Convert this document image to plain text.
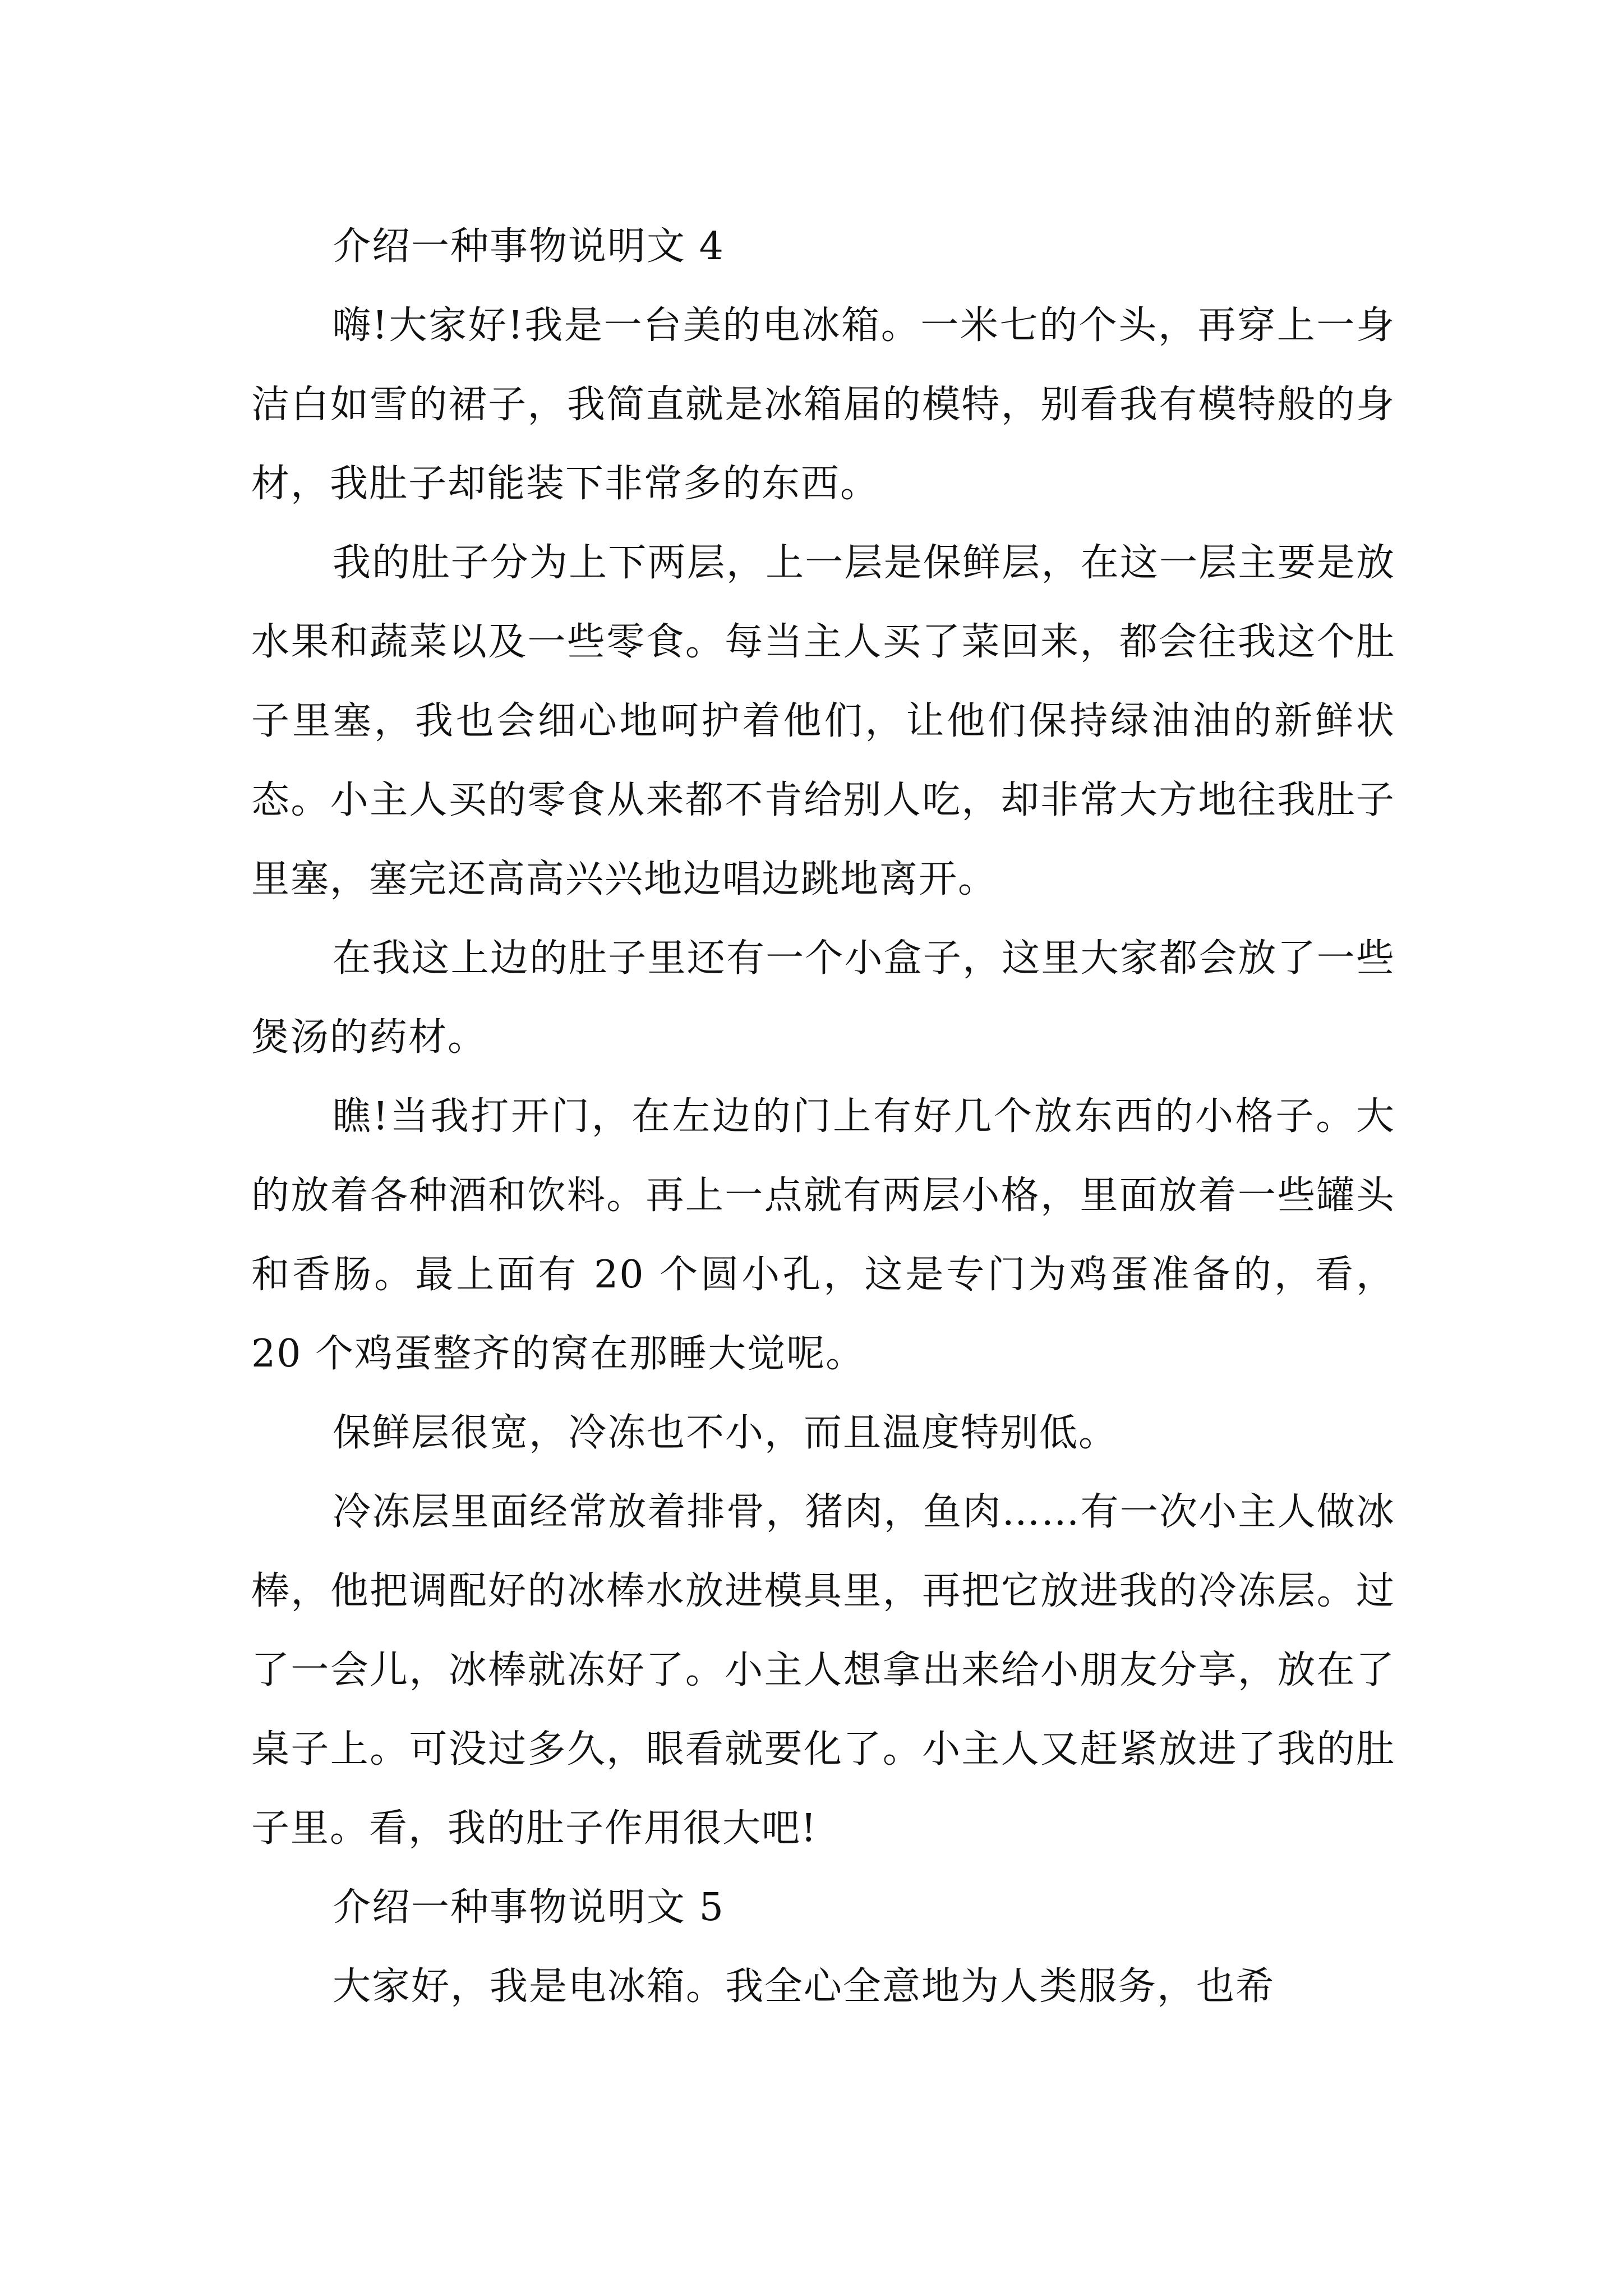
介绍一种事物说明文 4

嗨!大家好!我是一台美的电冰箱。一米七的个头，再穿上一身洁白如雪的裙子，我简直就是冰箱届的模特，别看我有模特般的身材，我肚子却能装下非常多的东西。

我的肚子分为上下两层，上一层是保鲜层，在这一层主要是放水果和蔬菜以及一些零食。每当主人买了菜回来，都会往我这个肚子里塞，我也会细心地呵护着他们，让他们保持绿油油的新鲜状态。小主人买的零食从来都不肯给别人吃，却非常大方地往我肚子里塞，塞完还高高兴兴地边唱边跳地离开。

在我这上边的肚子里还有一个小盒子，这里大家都会放了一些煲汤的药材。

瞧!当我打开门，在左边的门上有好几个放东西的小格子。大的放着各种酒和饮料。再上一点就有两层小格，里面放着一些罐头和香肠。最上面有 20 个圆小孔，这是专门为鸡蛋准备的，看，20 个鸡蛋整齐的窝在那睡大觉呢。

保鲜层很宽，冷冻也不小，而且温度特别低。

冷冻层里面经常放着排骨，猪肉，鱼肉……有一次小主人做冰棒，他把调配好的冰棒水放进模具里，再把它放进我的冷冻层。过了一会儿，冰棒就冻好了。小主人想拿出来给小朋友分享，放在了桌子上。可没过多久，眼看就要化了。小主人又赶紧放进了我的肚子里。看，我的肚子作用很大吧!

介绍一种事物说明文 5

大家好，我是电冰箱。我全心全意地为人类服务，也希
